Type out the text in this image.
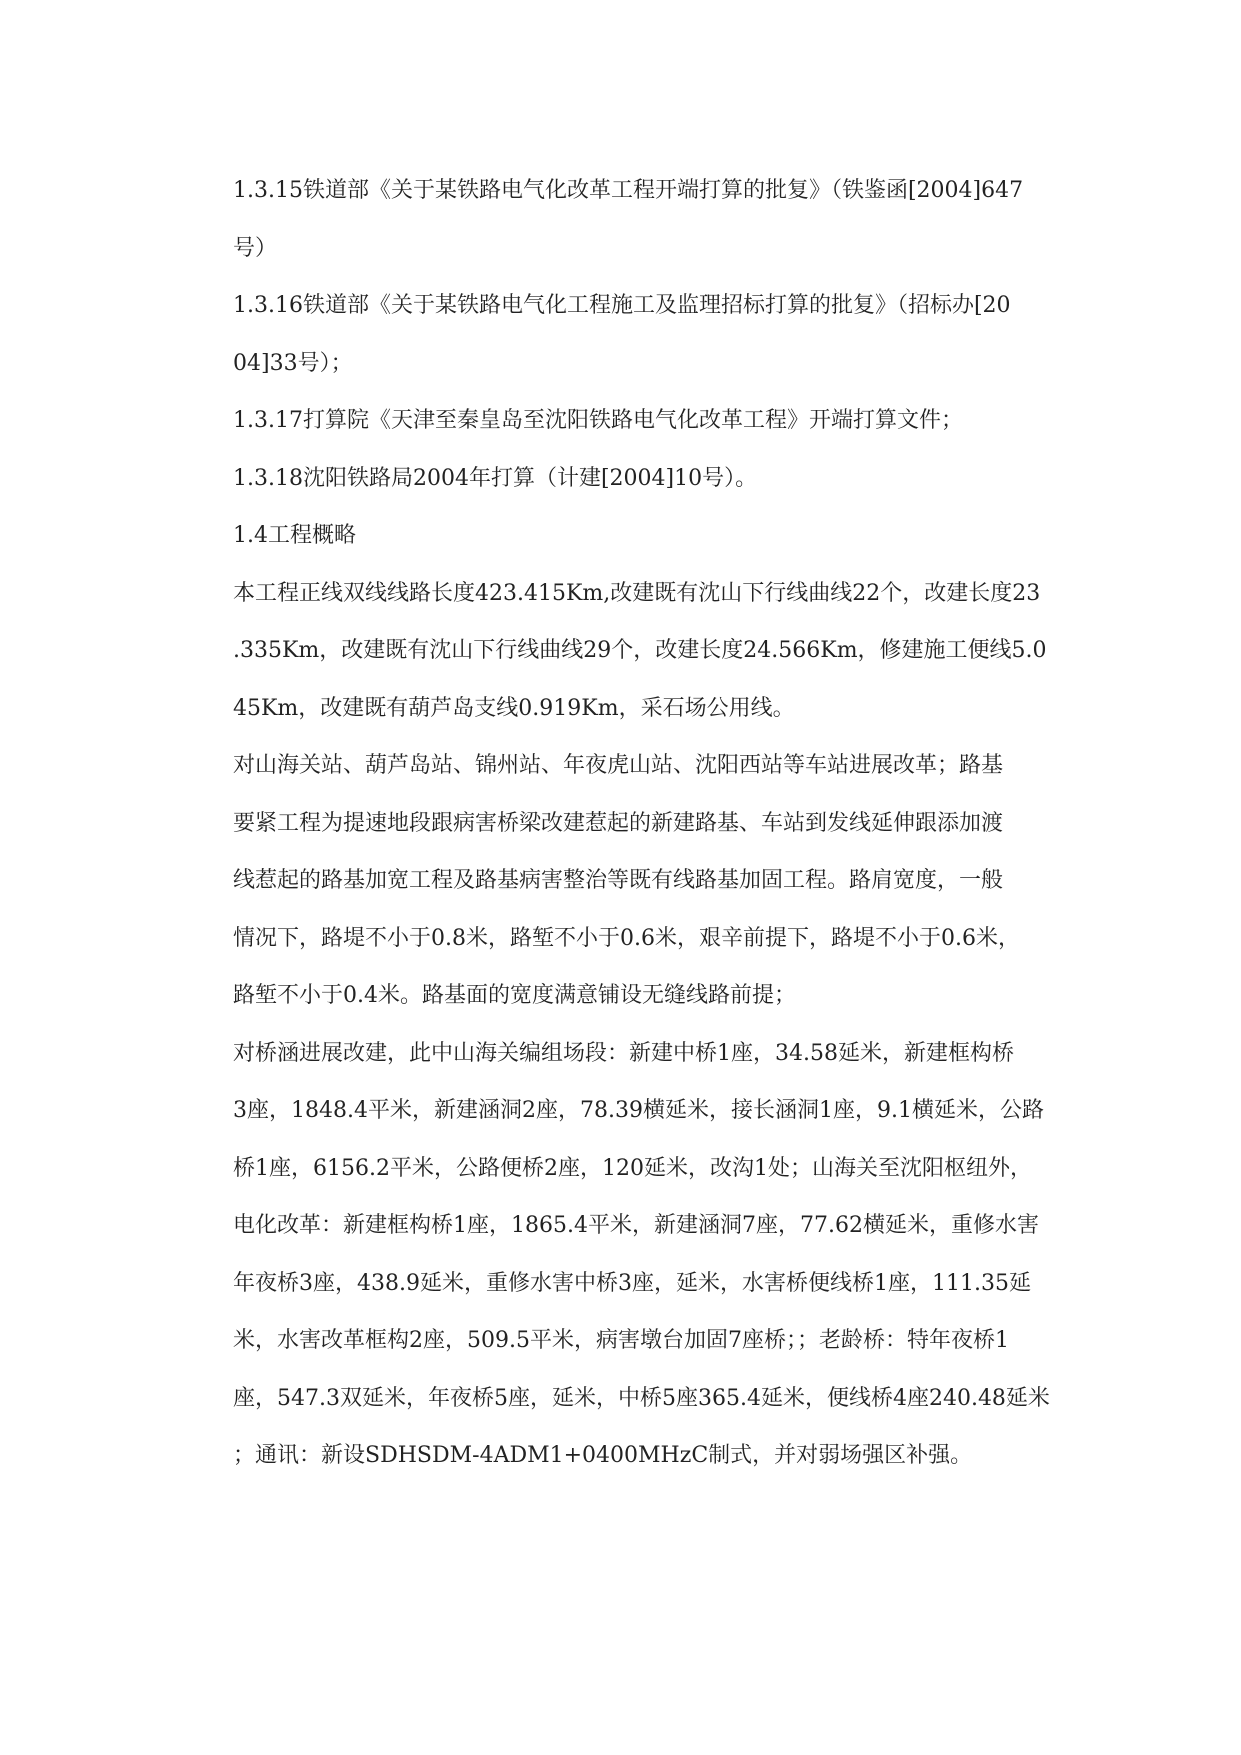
1.3.15铁道部《关于某铁路电气化改革工程开端打算的批复》（铁鉴函[2004]647
号）
1.3.16铁道部《关于某铁路电气化工程施工及监理招标打算的批复》（招标办[20
04]33号）；
1.3.17打算院《天津至秦皇岛至沈阳铁路电气化改革工程》开端打算文件；
1.3.18沈阳铁路局2004年打算（计建[2004]10号）。
1.4工程概略
本工程正线双线线路长度423.415Km,改建既有沈山下行线曲线22个，改建长度23
.335Km，改建既有沈山下行线曲线29个，改建长度24.566Km，修建施工便线5.0
45Km，改建既有葫芦岛支线0.919Km，采石场公用线。
对山海关站、葫芦岛站、锦州站、年夜虎山站、沈阳西站等车站进展改革；路基
要紧工程为提速地段跟病害桥梁改建惹起的新建路基、车站到发线延伸跟添加渡
线惹起的路基加宽工程及路基病害整治等既有线路基加固工程。路肩宽度，一般
情况下，路堤不小于0.8米，路堑不小于0.6米，艰辛前提下，路堤不小于0.6米，
路堑不小于0.4米。路基面的宽度满意铺设无缝线路前提；
对桥涵进展改建，此中山海关编组场段：新建中桥1座，34.58延米，新建框构桥
3座，1848.4平米，新建涵洞2座，78.39横延米，接长涵洞1座，9.1横延米，公路
桥1座，6156.2平米，公路便桥2座，120延米，改沟1处；山海关至沈阳枢纽外，
电化改革：新建框构桥1座，1865.4平米，新建涵洞7座，77.62横延米，重修水害
年夜桥3座，438.9延米，重修水害中桥3座，延米，水害桥便线桥1座，111.35延
米，水害改革框构2座，509.5平米，病害墩台加固7座桥；；老龄桥：特年夜桥1
座，547.3双延米，年夜桥5座，延米，中桥5座365.4延米，便线桥4座240.48延米
；通讯：新设SDHSDM-4ADM1+0400MHzC制式，并对弱场强区补强。
